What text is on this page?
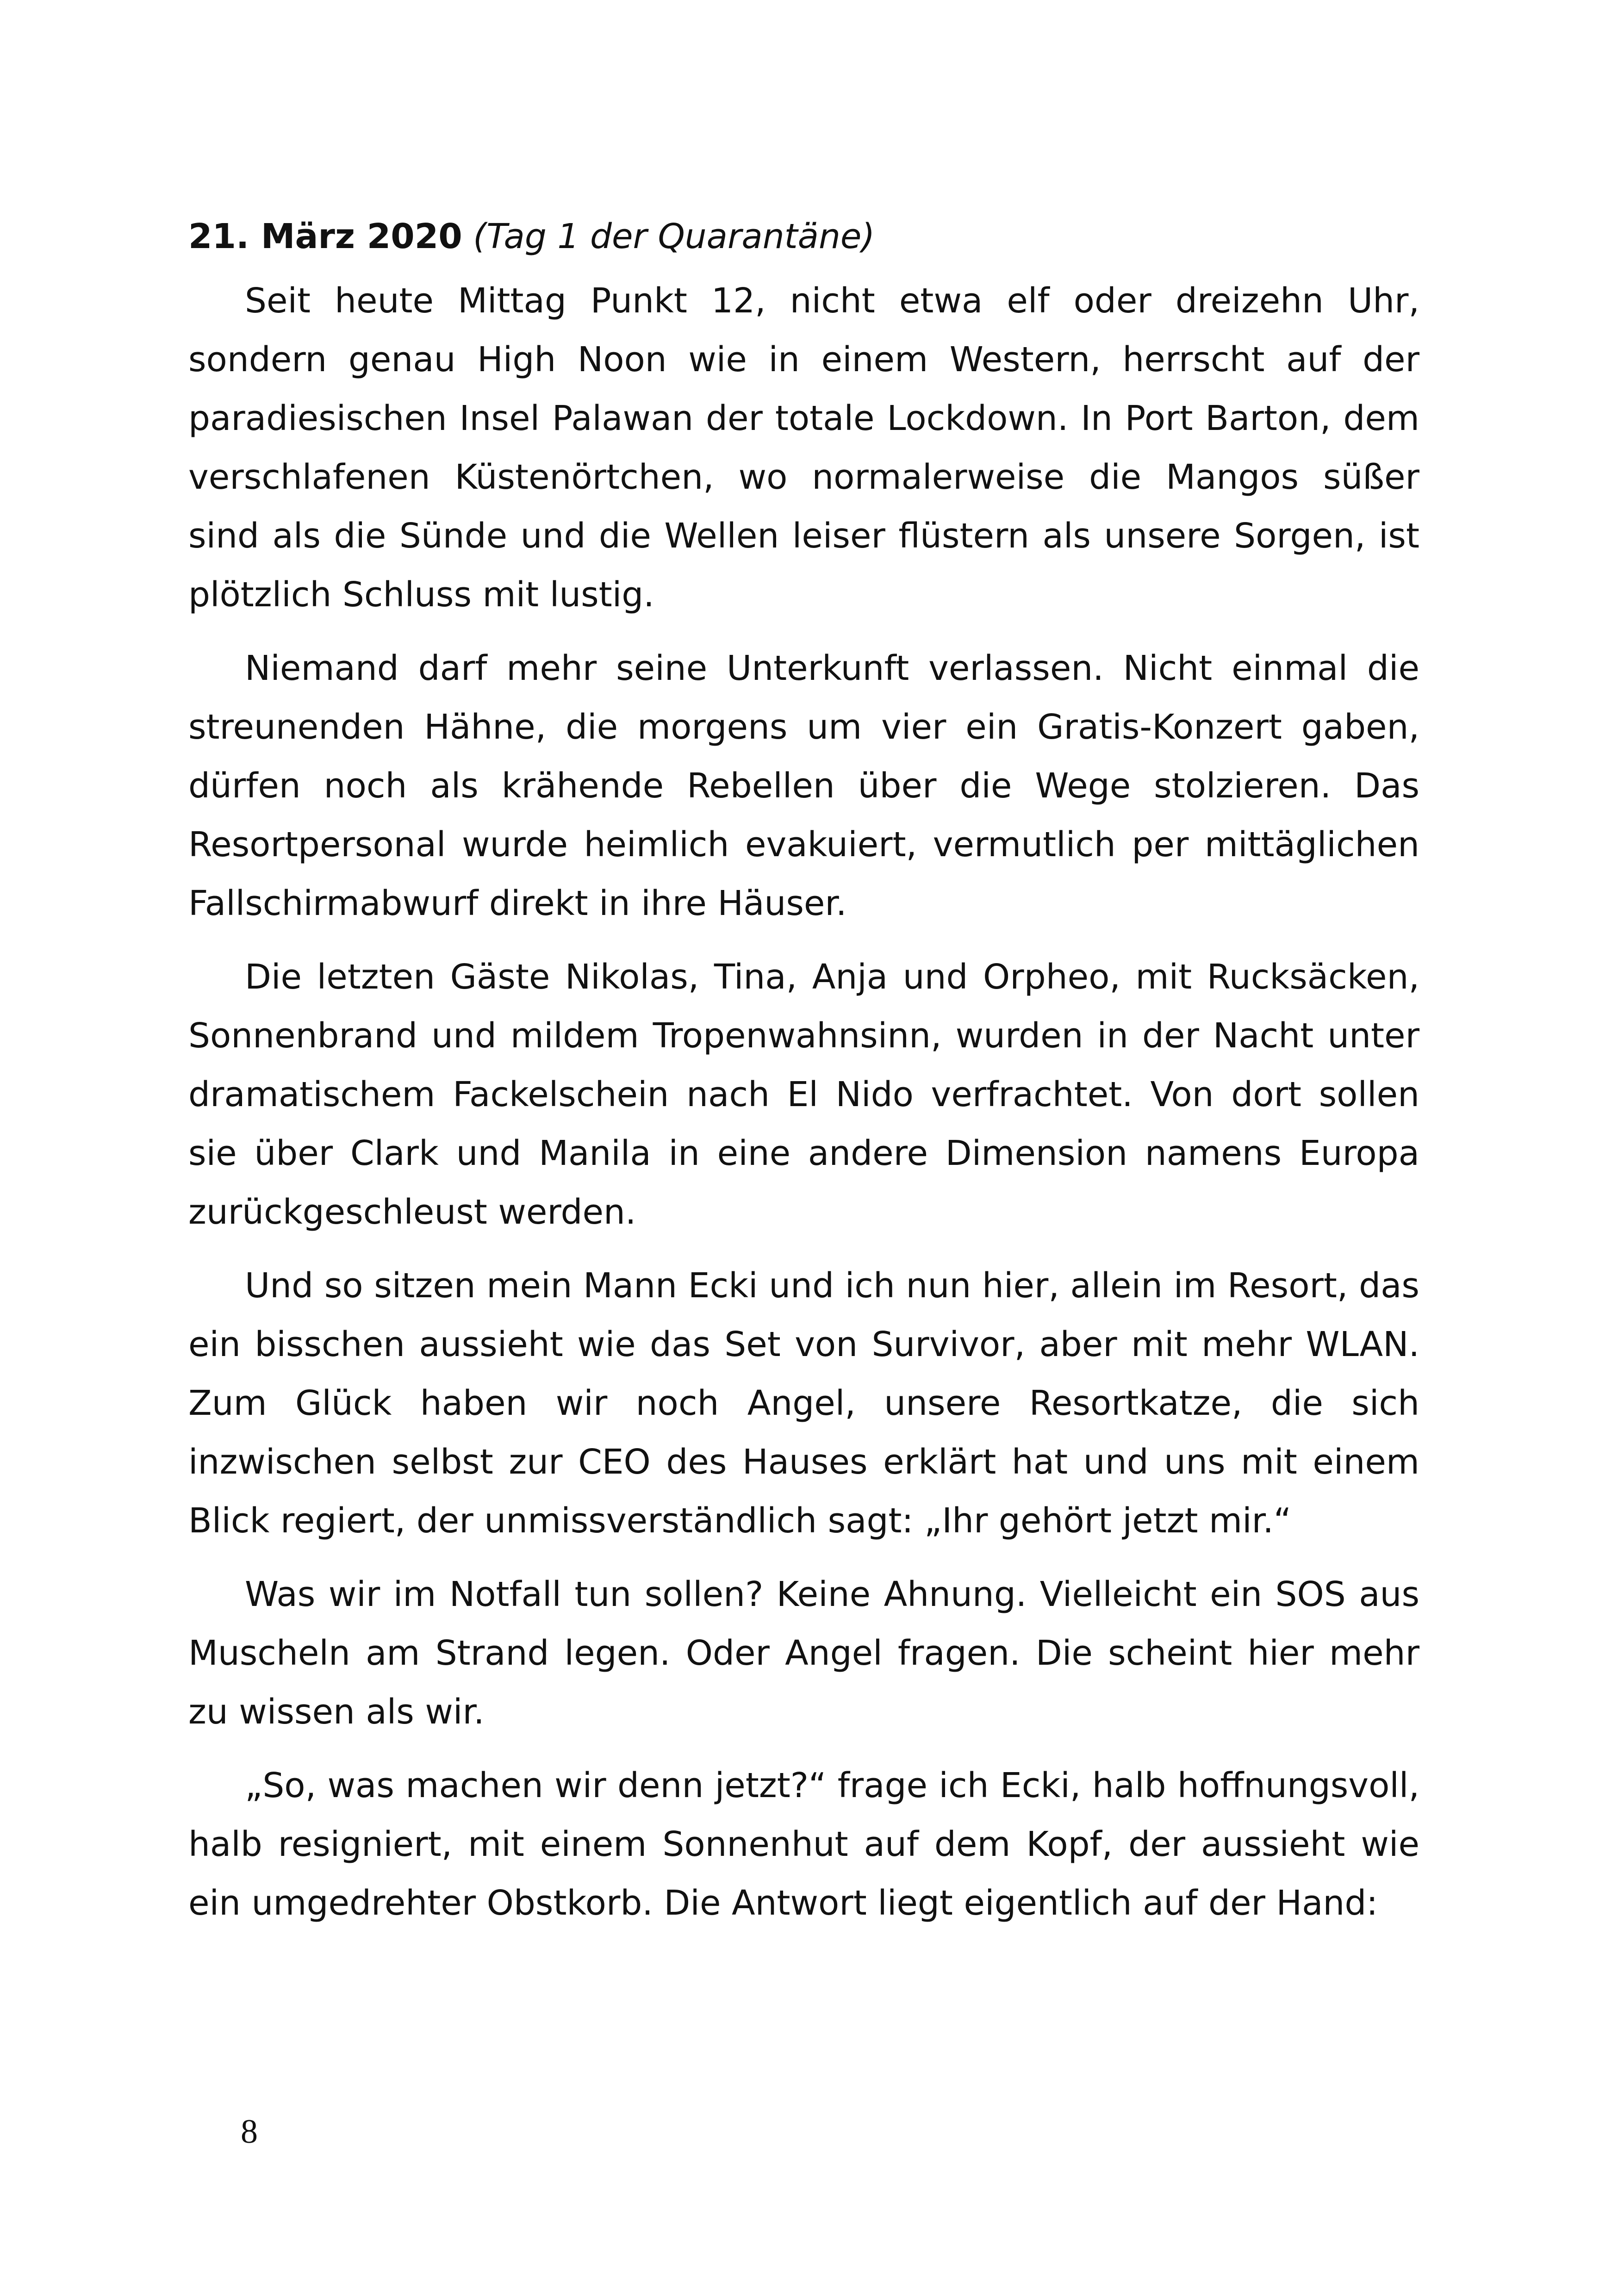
21. März 2020 (Tag 1 der Quarantäne)

Seit heute Mittag Punkt 12, nicht etwa elf oder dreizehn Uhr, sondern genau High Noon wie in einem Western, herrscht auf der paradiesischen Insel Palawan der totale Lockdown. In Port Barton, dem verschlafenen Küstenörtchen, wo normalerweise die Mangos süßer sind als die Sünde und die Wellen leiser flüstern als unsere Sorgen, ist plötzlich Schluss mit lustig.

Niemand darf mehr seine Unterkunft verlassen. Nicht einmal die streunenden Hähne, die morgens um vier ein Gratis-Konzert gaben, dürfen noch als krähende Rebellen über die Wege stolzieren. Das Resortpersonal wurde heimlich evakuiert, vermutlich per mittäglichen Fallschirmabwurf direkt in ihre Häuser.

Die letzten Gäste Nikolas, Tina, Anja und Orpheo, mit Rucksäcken, Sonnenbrand und mildem Tropenwahnsinn, wurden in der Nacht unter dramatischem Fackelschein nach El Nido verfrachtet. Von dort sollen sie über Clark und Manila in eine andere Dimension namens Europa zurückgeschleust werden.

Und so sitzen mein Mann Ecki und ich nun hier, allein im Resort, das ein bisschen aussieht wie das Set von Survivor, aber mit mehr WLAN. Zum Glück haben wir noch Angel, unsere Resortkatze, die sich inzwischen selbst zur CEO des Hauses erklärt hat und uns mit einem Blick regiert, der unmissverständlich sagt: „Ihr gehört jetzt mir.“

Was wir im Notfall tun sollen? Keine Ahnung. Vielleicht ein SOS aus Muscheln am Strand legen. Oder Angel fragen. Die scheint hier mehr zu wissen als wir.

„So, was machen wir denn jetzt?“ frage ich Ecki, halb hoffnungsvoll, halb resigniert, mit einem Sonnenhut auf dem Kopf, der aussieht wie ein umgedrehter Obstkorb. Die Antwort liegt eigentlich auf der Hand:

8
